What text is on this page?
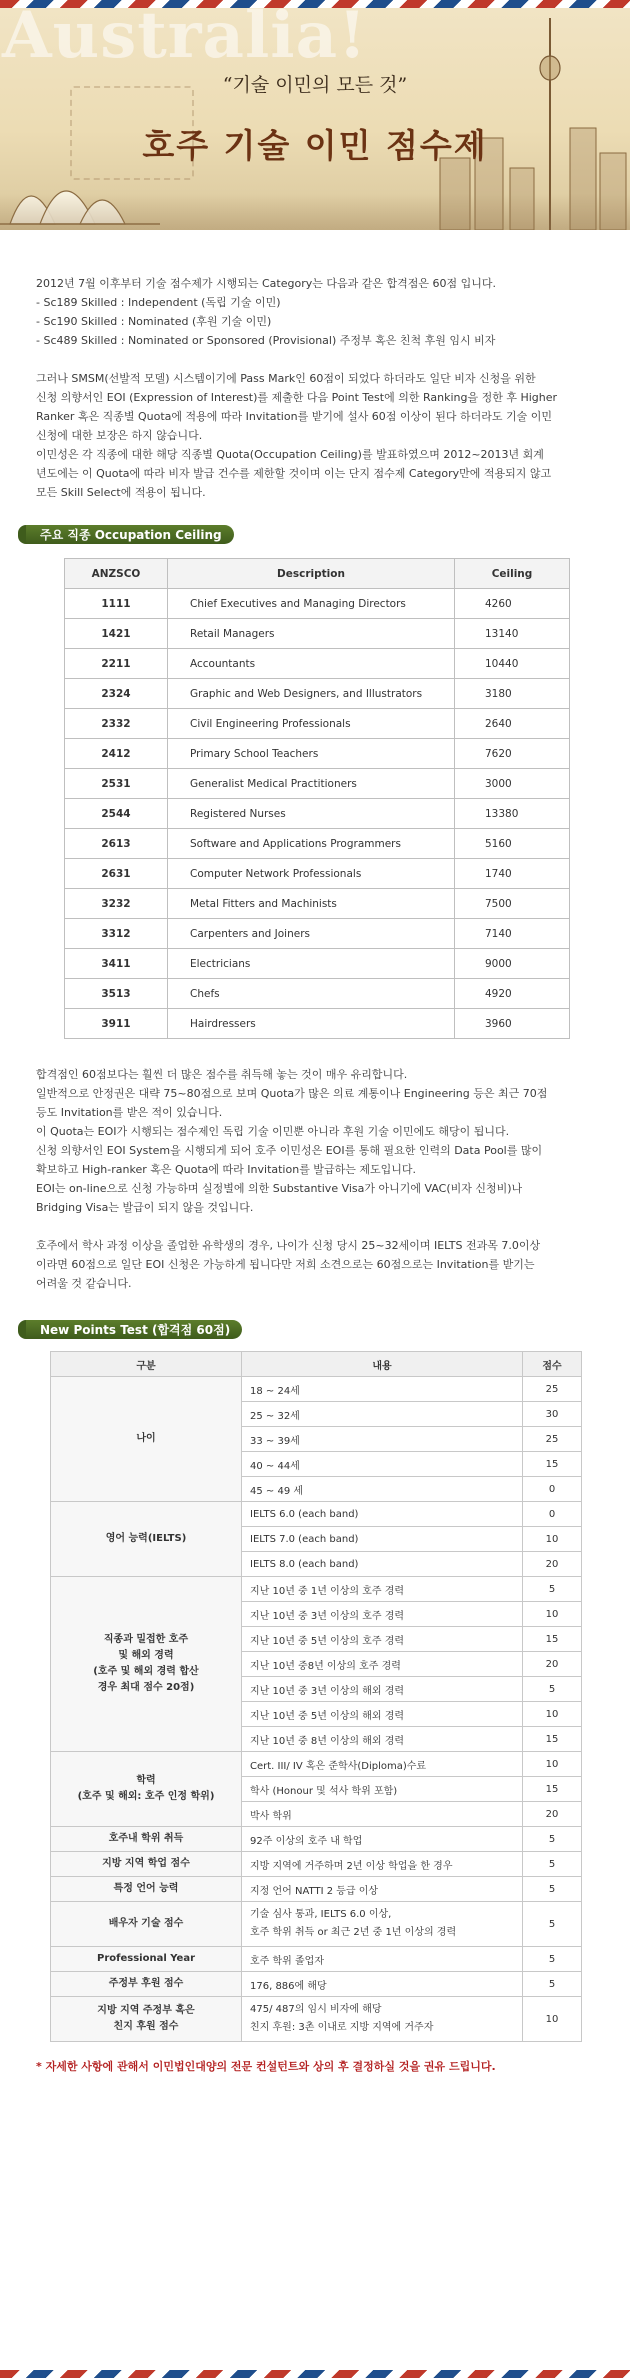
Australia!
“기술 이민의 모든 것”
호주 기술 이민 점수제

2012년 7월 이후부터 기술 점수제가 시행되는 Category는 다음과 같은 합격점은 60점 입니다.

- Sc189 Skilled : Independent (독립 기술 이민)

- Sc190 Skilled : Nominated (후원 기술 이민)

- Sc489 Skilled : Nominated or Sponsored (Provisional) 주정부 혹은 친척 후원 임시 비자

그러나 SMSM(선발적 모델) 시스템이기에 Pass Mark인 60점이 되었다 하더라도 일단 비자 신청을 위한

신청 의향서인 EOI (Expression of Interest)를 제출한 다음 Point Test에 의한 Ranking을 정한 후 Higher

Ranker 혹은 직종별 Quota에 적용에 따라 Invitation를 받기에 설사 60점 이상이 된다 하더라도 기술 이민

신청에 대한 보장은 하지 않습니다.

이민성은 각 직종에 대한 해당 직종별 Quota(Occupation Ceiling)를 발표하였으며 2012~2013년 회계

년도에는 이 Quota에 따라 비자 발급 건수를 제한할 것이며 이는 단지 점수제 Category만에 적용되지 않고

모든 Skill Select에 적용이 됩니다.

주요 직종 Occupation Ceiling
ANZSCO	Description	Ceiling
1111	Chief Executives and Managing Directors	4260
1421	Retail Managers	13140
2211	Accountants	10440
2324	Graphic and Web Designers, and Illustrators	3180
2332	Civil Engineering Professionals	2640
2412	Primary School Teachers	7620
2531	Generalist Medical Practitioners	3000
2544	Registered Nurses	13380
2613	Software and Applications Programmers	5160
2631	Computer Network Professionals	1740
3232	Metal Fitters and Machinists	7500
3312	Carpenters and Joiners	7140
3411	Electricians	9000
3513	Chefs	4920
3911	Hairdressers	3960

합격점인 60점보다는 훨씬 더 많은 점수를 취득해 놓는 것이 매우 유리합니다.

일반적으로 안정권은 대략 75~80점으로 보며 Quota가 많은 의료 계통이나 Engineering 등은 최근 70점

등도 Invitation를 받은 적이 있습니다.

이 Quota는 EOI가 시행되는 점수제인 독립 기술 이민뿐 아니라 후원 기술 이민에도 해당이 됩니다.

신청 의향서인 EOI System을 시행되게 되어 호주 이민성은 EOI를 통해 필요한 인력의 Data Pool를 많이

확보하고 High-ranker 혹은 Quota에 따라 Invitation를 발급하는 제도입니다.

EOI는 on-line으로 신청 가능하며 실정별에 의한 Substantive Visa가 아니기에 VAC(비자 신청비)나

Bridging Visa는 발급이 되지 않을 것입니다.

호주에서 학사 과정 이상을 졸업한 유학생의 경우, 나이가 신청 당시 25~32세이며 IELTS 전과목 7.0이상

이라면 60점으로 일단 EOI 신청은 가능하게 됩니다만 저희 소견으로는 60점으로는 Invitation를 받기는

어려울 것 같습니다.

New Points Test (합격점 60점)
구분	내용	점수
나이	18 ~ 24세	25
	25 ~ 32세	30
	33 ~ 39세	25
	40 ~ 44세	15
	45 ~ 49 세	0
영어 능력(IELTS)	IELTS 6.0 (each band)	0
	IELTS 7.0 (each band)	10
	IELTS 8.0 (each band)	20
직종과 밀접한 호주
및 해외 경력
(호주 및 해외 경력 합산
경우 최대 점수 20점)	지난 10년 중 1년 이상의 호주 경력	5
	지난 10년 중 3년 이상의 호주 경력	10
	지난 10년 중 5년 이상의 호주 경력	15
	지난 10년 중8년 이상의 호주 경력	20
	지난 10년 중 3년 이상의 해외 경력	5
	지난 10년 중 5년 이상의 해외 경력	10
	지난 10년 중 8년 이상의 해외 경력	15
학력
(호주 및 해외: 호주 인정 학위)	Cert. III/ IV 혹은 준학사(Diploma)수료	10
	학사 (Honour 및 석사 학위 포함)	15
	박사 학위	20
호주내 학위 취득	92주 이상의 호주 내 학업	5
지방 지역 학업 점수	지방 지역에 거주하며 2년 이상 학업을 한 경우	5
특정 언어 능력	지정 언어 NATTI 2 등급 이상	5
배우자 기술 점수	기술 심사 통과, IELTS 6.0 이상,
호주 학위 취득 or 최근 2년 중 1년 이상의 경력	5
Professional Year	호주 학위 졸업자	5
주정부 후원 점수	176, 886에 해당	5
지방 지역 주정부 혹은
친지 후원 점수	475/ 487의 임시 비자에 해당
친지 후원: 3촌 이내로 지방 지역에 거주자	10
* 자세한 사항에 관해서 이민법인대양의 전문 컨설턴트와 상의 후 결정하실 것을 권유 드립니다.
